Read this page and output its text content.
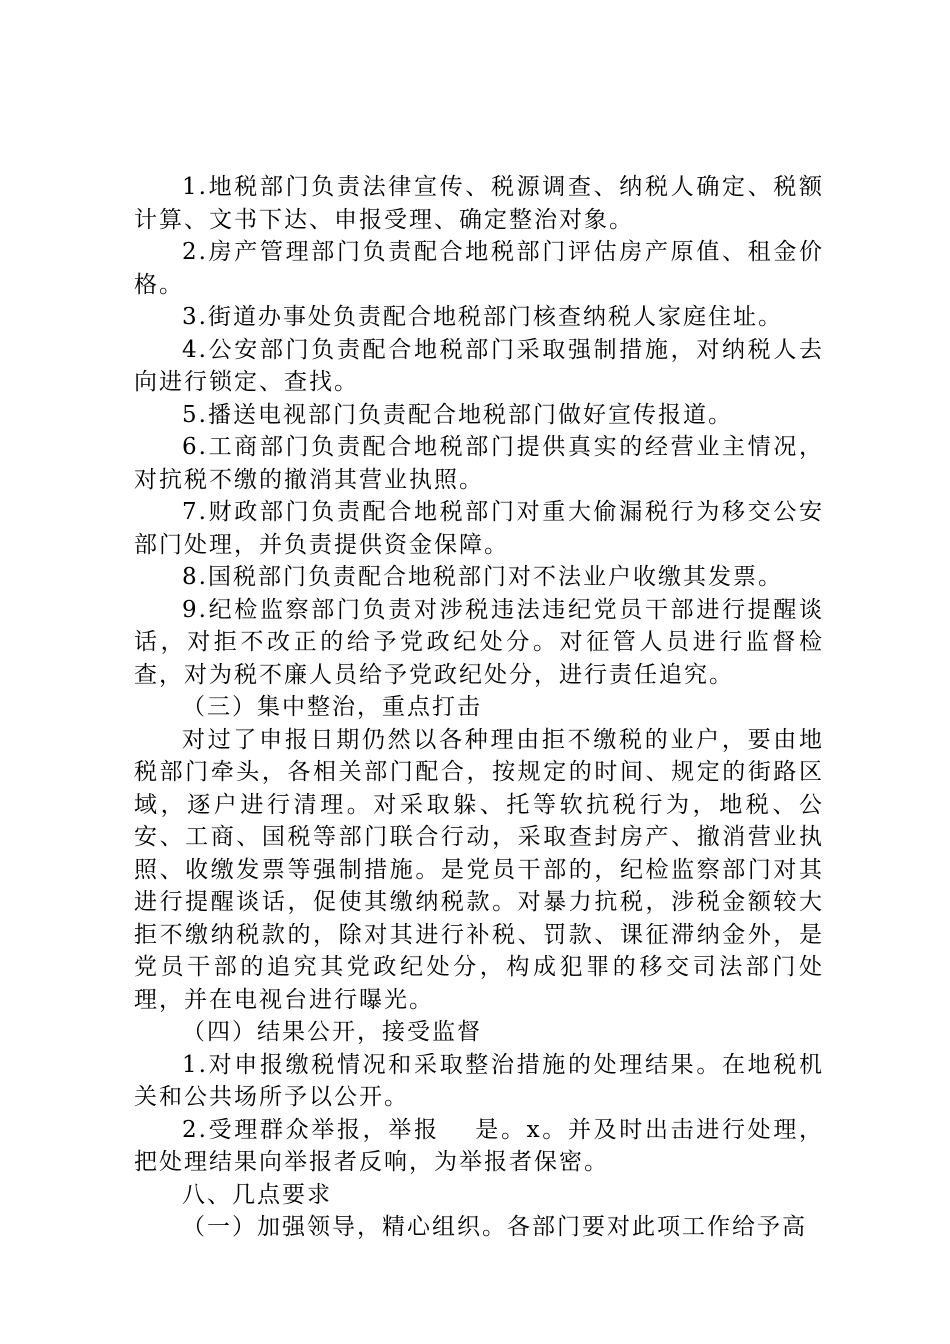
1.地税部门负责法律宣传、税源调查、纳税人确定、税额计算、文书下达、申报受理、确定整治对象。

2.房产管理部门负责配合地税部门评估房产原值、租金价格。

3.街道办事处负责配合地税部门核查纳税人家庭住址。

4.公安部门负责配合地税部门采取强制措施，对纳税人去向进行锁定、查找。

5.播送电视部门负责配合地税部门做好宣传报道。

6.工商部门负责配合地税部门提供真实的经营业主情况，对抗税不缴的撤消其营业执照。

7.财政部门负责配合地税部门对重大偷漏税行为移交公安部门处理，并负责提供资金保障。

8.国税部门负责配合地税部门对不法业户收缴其发票。

9.纪检监察部门负责对涉税违法违纪党员干部进行提醒谈话，对拒不改正的给予党政纪处分。对征管人员进行监督检查，对为税不廉人员给予党政纪处分，进行责任追究。

（三）集中整治，重点打击

对过了申报日期仍然以各种理由拒不缴税的业户，要由地税部门牵头，各相关部门配合，按规定的时间、规定的街路区域，逐户进行清理。对采取躲、托等软抗税行为，地税、公安、工商、国税等部门联合行动，采取查封房产、撤消营业执照、收缴发票等强制措施。是党员干部的，纪检监察部门对其进行提醒谈话，促使其缴纳税款。对暴力抗税，涉税金额较大拒不缴纳税款的，除对其进行补税、罚款、课征滞纳金外，是党员干部的追究其党政纪处分，构成犯罪的移交司法部门处理，并在电视台进行曝光。

（四）结果公开，接受监督

1.对申报缴税情况和采取整治措施的处理结果。在地税机关和公共场所予以公开。

2.受理群众举报，举报　 是。x。并及时出击进行处理，把处理结果向举报者反响，为举报者保密。

八、几点要求

（一）加强领导，精心组织。各部门要对此项工作给予高
